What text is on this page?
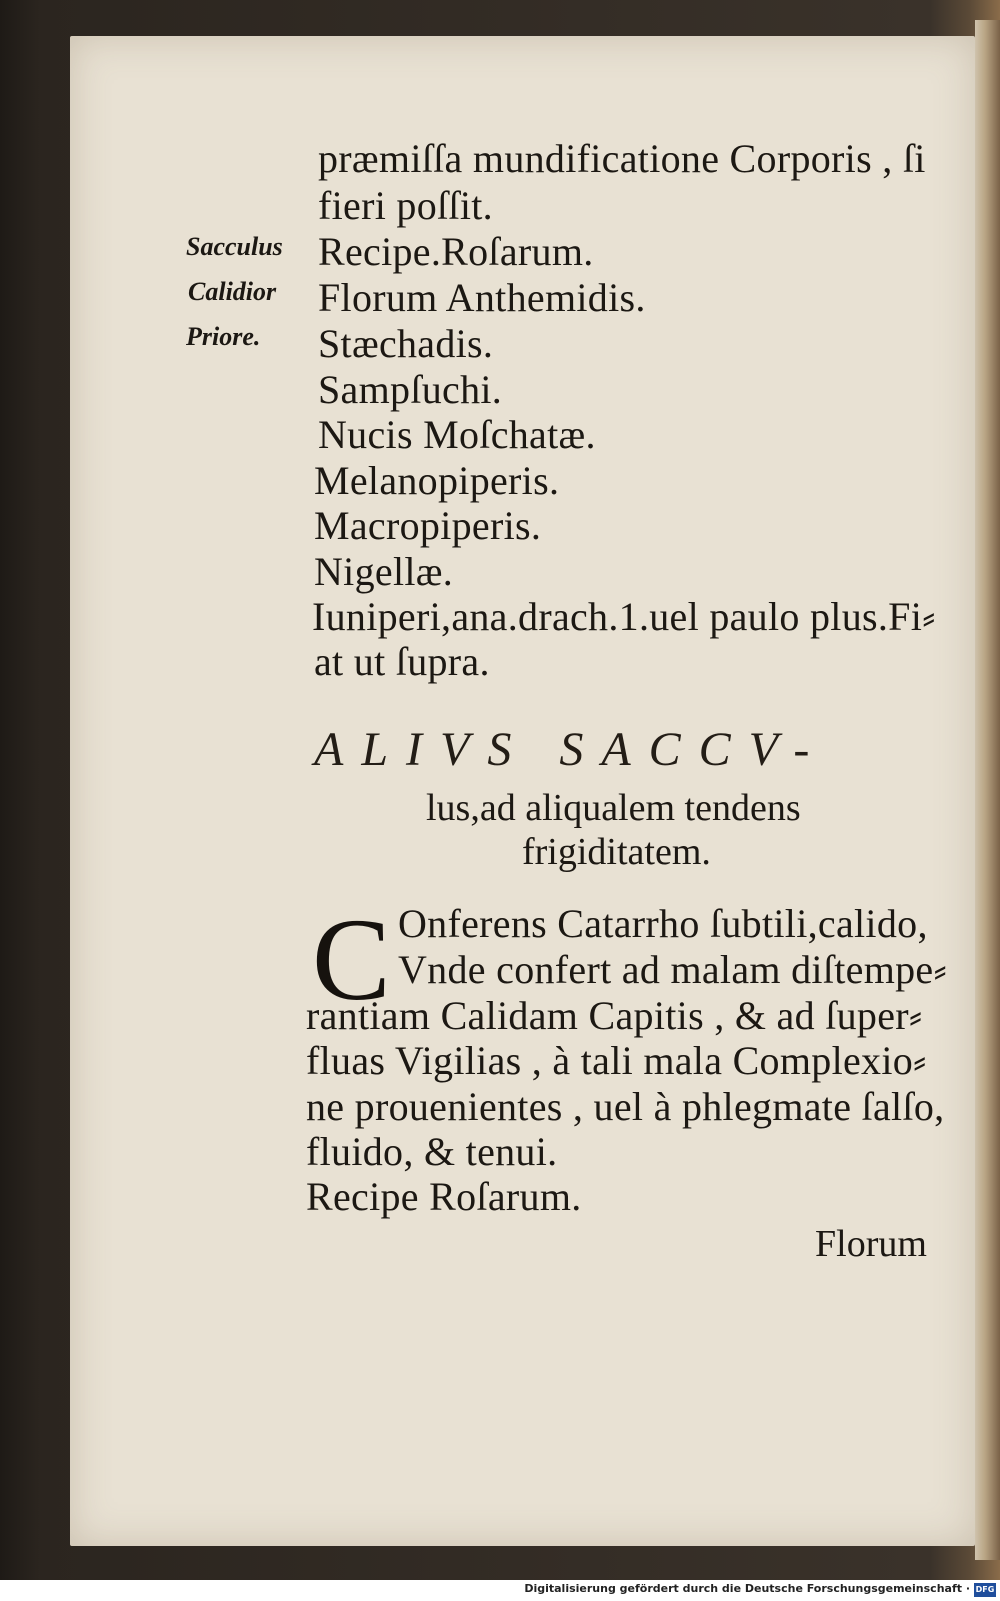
Sacculus
Calidior
Priore.
præmiſſa mundificatione Corporis , ſi
fieri poſſit.
Recipe.Roſarum.
Florum Anthemidis.
Stæchadis.
Sampſuchi.
Nucis Moſchatæ.
Melanopiperis.
Macropiperis.
Nigellæ.
Iuniperi,ana.drach.1.uel paulo plus.Fi⸗
at ut ſupra.
ALIVS SACCV-
lus,ad aliqualem tendens
frigiditatem.
C Onferens Catarrho ſubtili,calido,
Vnde confert ad malam diſtempe⸗
rantiam Calidam Capitis , & ad ſuper⸗
fluas Vigilias , à tali mala Complexio⸗
ne prouenientes , uel à phlegmate ſalſo,
fluido, & tenui.
Recipe Roſarum.
Florum
Digitalisierung gefördert durch die Deutsche Forschungsgemeinschaft · DFG
